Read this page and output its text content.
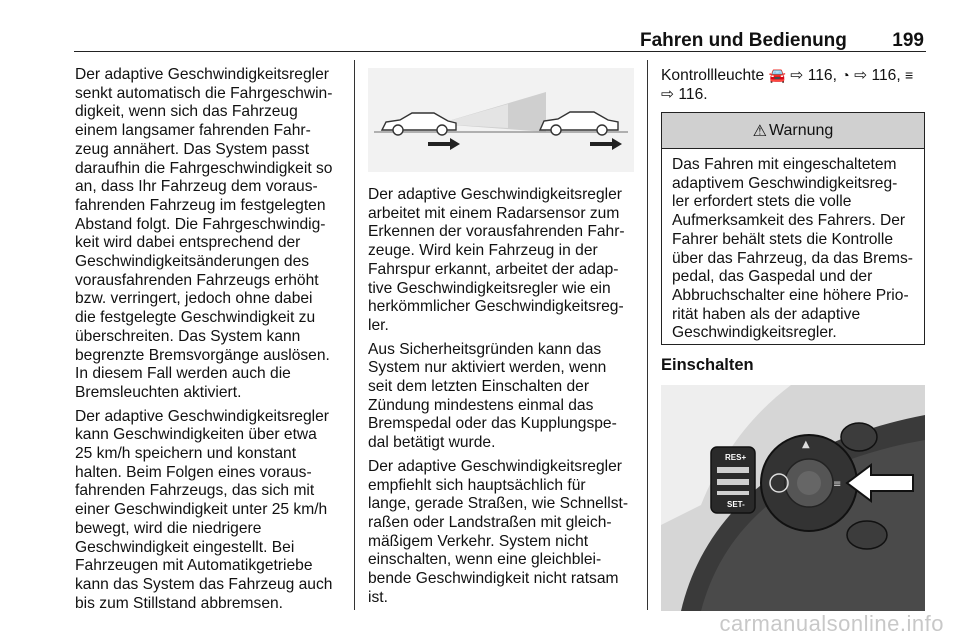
Fahren und Bedienung 199

Der adaptive Geschwindigkeitsregler
senkt automatisch die Fahrgeschwin-
digkeit, wenn sich das Fahrzeug
einem langsamer fahrenden Fahr-
zeug annähert. Das System passt
daraufhin die Fahrgeschwindigkeit so
an, dass Ihr Fahrzeug dem voraus-
fahrenden Fahrzeug im festgelegten
Abstand folgt. Die Fahrgeschwindig-
keit wird dabei entsprechend der
Geschwindigkeitsänderungen des
vorausfahrenden Fahrzeugs erhöht
bzw. verringert, jedoch ohne dabei
die festgelegte Geschwindigkeit zu
überschreiten. Das System kann
begrenzte Bremsvorgänge auslösen.
In diesem Fall werden auch die
Bremsleuchten aktiviert.

Der adaptive Geschwindigkeitsregler
kann Geschwindigkeiten über etwa
25 km/h speichern und konstant
halten. Beim Folgen eines voraus-
fahrenden Fahrzeugs, das sich mit
einer Geschwindigkeit unter 25 km/h
bewegt, wird die niedrigere
Geschwindigkeit eingestellt. Bei
Fahrzeugen mit Automatikgetriebe
kann das System das Fahrzeug auch
bis zum Stillstand abbremsen.

Der adaptive Geschwindigkeitsregler
arbeitet mit einem Radarsensor zum
Erkennen der vorausfahrenden Fahr-
zeuge. Wird kein Fahrzeug in der
Fahrspur erkannt, arbeitet der adap-
tive Geschwindigkeitsregler wie ein
herkömmlicher Geschwindigkeitsreg-
ler.

Aus Sicherheitsgründen kann das
System nur aktiviert werden, wenn
seit dem letzten Einschalten der
Zündung mindestens einmal das
Bremspedal oder das Kupplungspe-
dal betätigt wurde.

Der adaptive Geschwindigkeitsregler
empfiehlt sich hauptsächlich für
lange, gerade Straßen, wie Schnellst-
raßen oder Landstraßen mit gleich-
mäßigem Verkehr. System nicht
einschalten, wenn eine gleichblei-
bende Geschwindigkeit nicht ratsam
ist.

Kontrollleuchte 🚘 ⇨ 116, ◔ ⇨ 116, ≡
⇨ 116.

⚠ Warnung
Das Fahren mit eingeschaltetem
adaptivem Geschwindigkeitsreg-
ler erfordert stets die volle
Aufmerksamkeit des Fahrers. Der
Fahrer behält stets die Kontrolle
über das Fahrzeug, da das Brems-
pedal, das Gaspedal und der
Abbruchschalter eine höhere Prio-
rität haben als der adaptive
Geschwindigkeitsregler.
Einschalten
RES+
SET-
▲
≡
carmanualsonline.info
